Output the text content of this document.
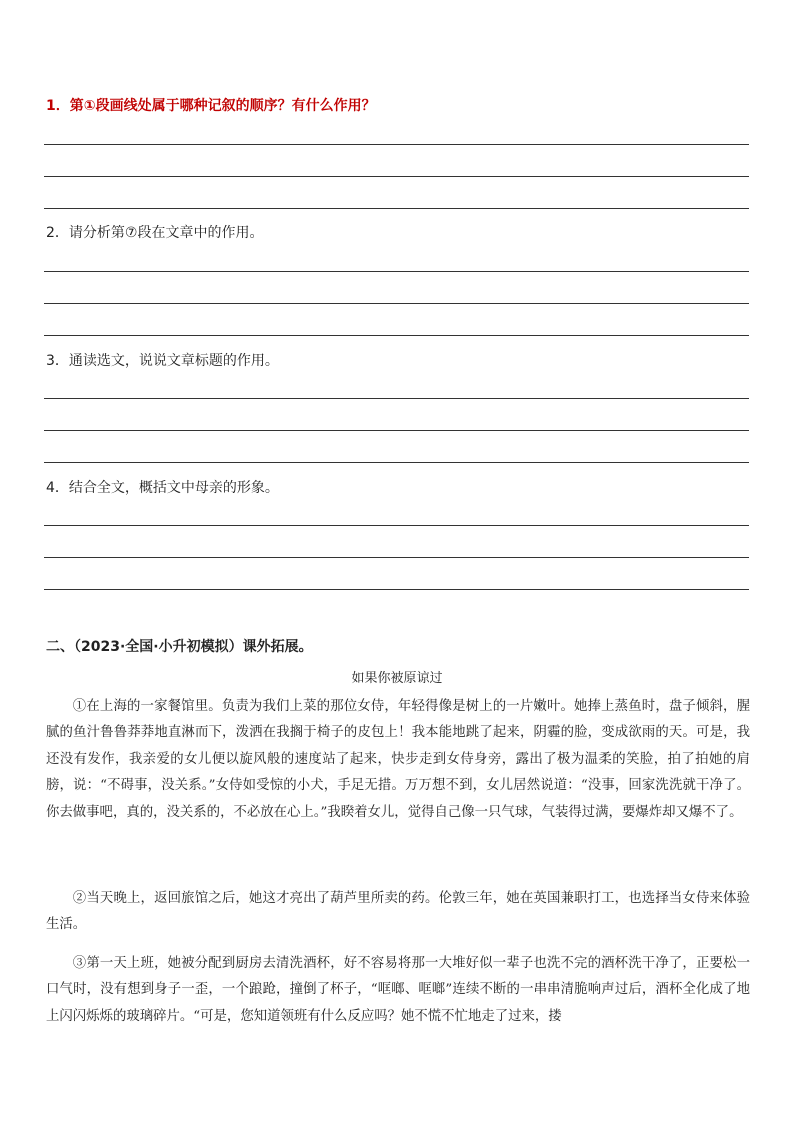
1．第①段画线处属于哪种记叙的顺序？有什么作用？
2．请分析第⑦段在文章中的作用。
3．通读选文，说说文章标题的作用。
4．结合全文，概括文中母亲的形象。
二、（2023·全国·小升初模拟）课外拓展。
如果你被原谅过

①在上海的一家餐馆里。负责为我们上菜的那位女侍，年轻得像是树上的一片嫩叶。她捧上蒸鱼时，盘子倾斜，腥腻的鱼汁鲁鲁莽莽地直淋而下，泼洒在我搁于椅子的皮包上！我本能地跳了起来，阴霾的脸，变成欲雨的天。可是，我还没有发作，我亲爱的女儿便以旋风般的速度站了起来，快步走到女侍身旁，露出了极为温柔的笑脸，拍了拍她的肩膀，说：“不碍事，没关系。”女侍如受惊的小犬，手足无措。万万想不到，女儿居然说道：“没事，回家洗洗就干净了。你去做事吧，真的，没关系的，不必放在心上。”我睽着女儿，觉得自己像一只气球，气装得过满，要爆炸却又爆不了。

②当天晚上，返回旅馆之后，她这才亮出了葫芦里所卖的药。伦敦三年，她在英国兼职打工，也选择当女侍来体验生活。

③第一天上班，她被分配到厨房去清洗酒杯，好不容易将那一大堆好似一辈子也洗不完的酒杯洗干净了，正要松一口气时，没有想到身子一歪，一个踉跄，撞倒了杯子，“哐啷、哐啷”连续不断的一串串清脆响声过后，酒杯全化成了地上闪闪烁烁的玻璃碎片。“可是，您知道领班有什么反应吗？她不慌不忙地走了过来，搂
